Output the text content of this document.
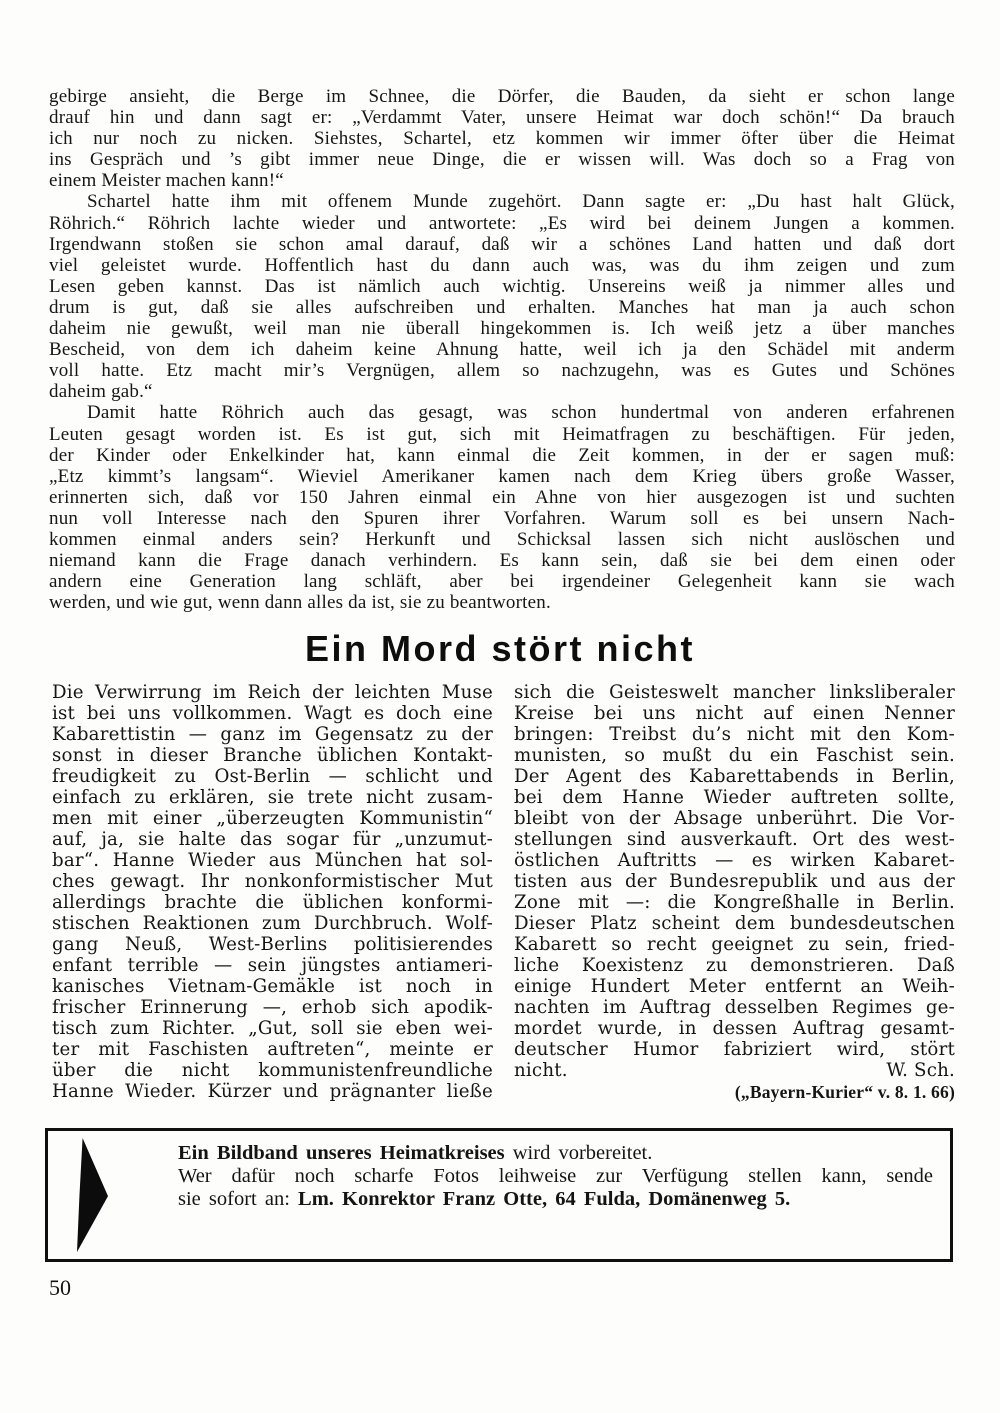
gebirge ansieht, die Berge im Schnee, die Dörfer, die Bauden, da sieht er schon lange
drauf hin und dann sagt er: „Verdammt Vater, unsere Heimat war doch schön!“ Da brauch
ich nur noch zu nicken. Siehstes, Schartel, etz kommen wir immer öfter über die Heimat
ins Gespräch und ’s gibt immer neue Dinge, die er wissen will. Was doch so a Frag von
einem Meister machen kann!“
Schartel hatte ihm mit offenem Munde zugehört. Dann sagte er: „Du hast halt Glück,
Röhrich.“ Röhrich lachte wieder und antwortete: „Es wird bei deinem Jungen a kommen.
Irgendwann stoßen sie schon amal darauf, daß wir a schönes Land hatten und daß dort
viel geleistet wurde. Hoffentlich hast du dann auch was, was du ihm zeigen und zum
Lesen geben kannst. Das ist nämlich auch wichtig. Unsereins weiß ja nimmer alles und
drum is gut, daß sie alles aufschreiben und erhalten. Manches hat man ja auch schon
daheim nie gewußt, weil man nie überall hingekommen is. Ich weiß jetz a über manches
Bescheid, von dem ich daheim keine Ahnung hatte, weil ich ja den Schädel mit anderm
voll hatte. Etz macht mir’s Vergnügen, allem so nachzugehn, was es Gutes und Schönes
daheim gab.“
Damit hatte Röhrich auch das gesagt, was schon hundertmal von anderen erfahrenen
Leuten gesagt worden ist. Es ist gut, sich mit Heimatfragen zu beschäftigen. Für jeden,
der Kinder oder Enkelkinder hat, kann einmal die Zeit kommen, in der er sagen muß:
„Etz kimmt’s langsam“. Wieviel Amerikaner kamen nach dem Krieg übers große Wasser,
erinnerten sich, daß vor 150 Jahren einmal ein Ahne von hier ausgezogen ist und suchten
nun voll Interesse nach den Spuren ihrer Vorfahren. Warum soll es bei unsern Nach-
kommen einmal anders sein? Herkunft und Schicksal lassen sich nicht auslöschen und
niemand kann die Frage danach verhindern. Es kann sein, daß sie bei dem einen oder
andern eine Generation lang schläft, aber bei irgendeiner Gelegenheit kann sie wach
werden, und wie gut, wenn dann alles da ist, sie zu beantworten.
Ein Mord stört nicht
Die Verwirrung im Reich der leichten Muse
ist bei uns vollkommen. Wagt es doch eine
Kabarettistin — ganz im Gegensatz zu der
sonst in dieser Branche üblichen Kontakt-
freudigkeit zu Ost-Berlin — schlicht und
einfach zu erklären, sie trete nicht zusam-
men mit einer „überzeugten Kommunistin“
auf, ja, sie halte das sogar für „unzumut-
bar“. Hanne Wieder aus München hat sol-
ches gewagt. Ihr nonkonformistischer Mut
allerdings brachte die üblichen konformi-
stischen Reaktionen zum Durchbruch. Wolf-
gang Neuß, West-Berlins politisierendes
enfant terrible — sein jüngstes antiameri-
kanisches Vietnam-Gemäkle ist noch in
frischer Erinnerung —, erhob sich apodik-
tisch zum Richter. „Gut, soll sie eben wei-
ter mit Faschisten auftreten“, meinte er
über die nicht kommunistenfreundliche
Hanne Wieder. Kürzer und prägnanter ließe
sich die Geisteswelt mancher linksliberaler
Kreise bei uns nicht auf einen Nenner
bringen: Treibst du’s nicht mit den Kom-
munisten, so mußt du ein Faschist sein.
Der Agent des Kabarettabends in Berlin,
bei dem Hanne Wieder auftreten sollte,
bleibt von der Absage unberührt. Die Vor-
stellungen sind ausverkauft. Ort des west-
östlichen Auftritts — es wirken Kabaret-
tisten aus der Bundesrepublik und aus der
Zone mit —: die Kongreßhalle in Berlin.
Dieser Platz scheint dem bundesdeutschen
Kabarett so recht geeignet zu sein, fried-
liche Koexistenz zu demonstrieren. Daß
einige Hundert Meter entfernt an Weih-
nachten im Auftrag desselben Regimes ge-
mordet wurde, in dessen Auftrag gesamt-
deutscher Humor fabriziert wird, stört
nicht.	W. Sch.
(„Bayern-Kurier“ v. 8. 1. 66)

Ein Bildband unseres Heimatkreises wird vorbereitet.

Wer dafür noch scharfe Fotos leihweise zur Verfügung stellen kann, sende

sie sofort an: Lm. Konrektor Franz Otte, 64 Fulda, Domänenweg 5.

50
